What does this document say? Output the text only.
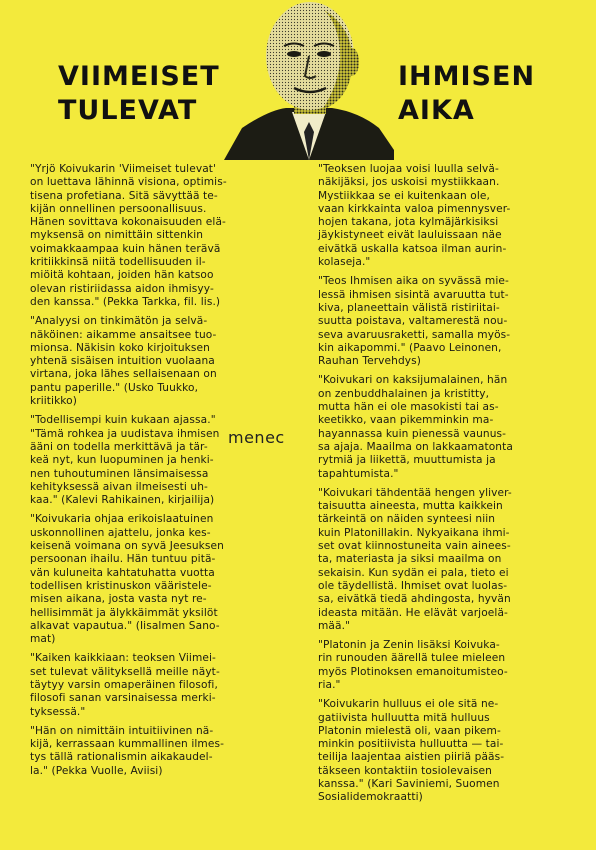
VIIMEISET
TULEVAT
IHMISEN
AIKA

"Yrjö Koivukarin 'Viimeiset tulevat'
on luettava lähinnä visiona, optimis-
tisena profetiana. Sitä sävyttää te-
kijän onnellinen persoonallisuus.
Hänen sovittava kokonaisuuden elä-
myksensä on nimittäin sittenkin
voimakkaampaa kuin hänen terävä
kritiikkinsä niitä todellisuuden il-
miöitä kohtaan, joiden hän katsoo
olevan ristiriidassa aidon ihmisyy-
den kanssa." (Pekka Tarkka, fil. lis.)

"Analyysi on tinkimätön ja selvä-
näköinen: aikamme ansaitsee tuo-
mionsa. Näkisin koko kirjoituksen
yhtenä sisäisen intuition vuolaana
virtana, joka lähes sellaisenaan on
pantu paperille." (Usko Tuukko,
kriitikko)

"Todellisempi kuin kukaan ajassa."

"Tämä rohkea ja uudistava ihmisen
ääni on todella merkittävä ja tär-
keä nyt, kun luopuminen ja henki-
nen tuhoutuminen länsimaisessa
kehityksessä aivan ilmeisesti uh-
kaa." (Kalevi Rahikainen, kirjailija)

"Koivukaria ohjaa erikoislaatuinen
uskonnollinen ajattelu, jonka kes-
keisenä voimana on syvä Jeesuksen
persoonan ihailu. Hän tuntuu pitä-
vän kuluneita kahtatuhatta vuotta
todellisen kristinuskon vääristele-
misen aikana, josta vasta nyt re-
hellisimmät ja älykkäimmät yksilöt
alkavat vapautua." (Iisalmen Sano-
mat)

"Kaiken kaikkiaan: teoksen Viimei-
set tulevat välityksellä meille näyt-
täytyy varsin omaperäinen filosofi,
filosofi sanan varsinaisessa merki-
tyksessä."

"Hän on nimittäin intuitiivinen nä-
kijä, kerrassaan kummallinen ilmes-
tys tällä rationalismin aikakaudel-
la." (Pekka Vuolle, Aviisi)

menec

"Teoksen luojaa voisi luulla selvä-
näkijäksi, jos uskoisi mystiikkaan.
Mystiikkaa se ei kuitenkaan ole,
vaan kirkkainta valoa pimennysver-
hojen takana, jota kylmäjärkisiksi
jäykistyneet eivät lauluissaan näe
eivätkä uskalla katsoa ilman aurin-
kolaseja."

"Teos Ihmisen aika on syvässä mie-
lessä ihmisen sisintä avaruutta tut-
kiva, planeettain välistä ristiriitai-
suutta poistava, valtamerestä nou-
seva avaruusraketti, samalla myös-
kin aikapommi." (Paavo Leinonen,
Rauhan Tervehdys)

"Koivukari on kaksijumalainen, hän
on zenbuddhalainen ja kristitty,
mutta hän ei ole masokisti tai as-
keetikko, vaan pikemminkin ma-
hayannassa kuin pienessä vaunus-
sa ajaja. Maailma on lakkaamatonta
rytmiä ja liikettä, muuttumista ja
tapahtumista."

"Koivukari tähdentää hengen yliver-
taisuutta aineesta, mutta kaikkein
tärkeintä on näiden synteesi niin
kuin Platonillakin. Nykyaikana ihmi-
set ovat kiinnostuneita vain ainees-
ta, materiasta ja siksi maailma on
sekaisin. Kun sydän ei pala, tieto ei
ole täydellistä. Ihmiset ovat luolas-
sa, eivätkä tiedä ahdingosta, hyvän
ideasta mitään. He elävät varjoelä-
mää."

"Platonin ja Zenin lisäksi Koivuka-
rin runouden äärellä tulee mieleen
myös Plotinoksen emanoitumisteo-
ria."

"Koivukarin hulluus ei ole sitä ne-
gatiivista hulluutta mitä hulluus
Platonin mielestä oli, vaan pikem-
minkin positiivista hulluutta — tai-
teilija laajentaa aistien piiriä pääs-
täkseen kontaktiin tosiolevaisen
kanssa." (Kari Saviniemi, Suomen
Sosialidemokraatti)
